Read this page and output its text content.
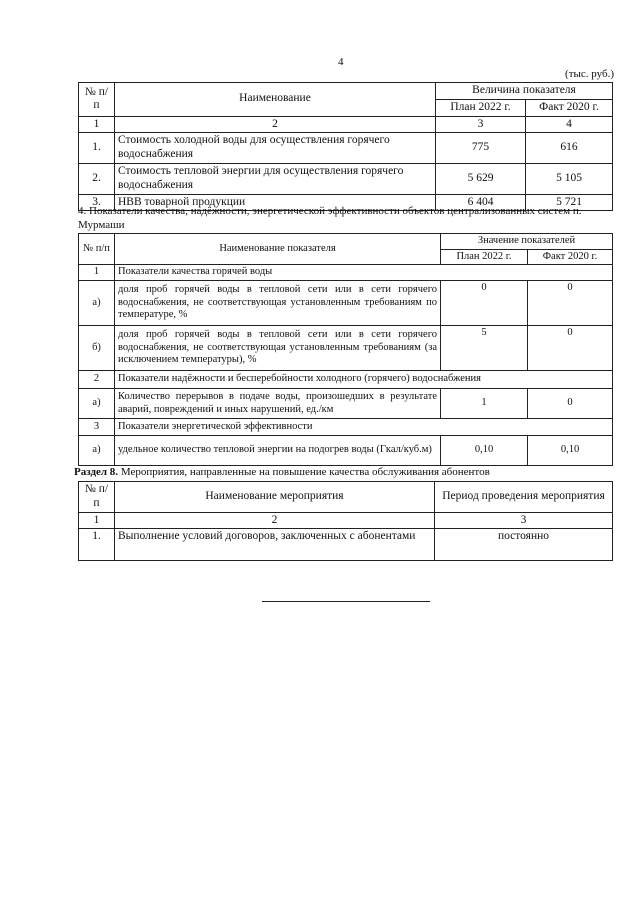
4
(тыс. руб.)
№ п/п	Наименование	Величина показателя	
		План 2022 г.	Факт 2020 г.
1	2	3	4
1.	Стоимость холодной воды для осуществления горячего водоснабжения	775	616
2.	Стоимость тепловой энергии для осуществления горячего водоснабжения	5 629	5 105
3.	НВВ товарной продукции	6 404	5 721
4. Показатели качества, надёжности, энергетической эффективности объектов централизованных систем п. Мурмаши
№ п/п	Наименование показателя	Значение показателей	
		План 2022 г.	Факт 2020 г.
1	Показатели качества горячей воды		
а)	доля проб горячей воды в тепловой сети или в сети горячего водоснабжения, не соответствующая установленным требованиям по температуре, %	0	0
б)	доля проб горячей воды в тепловой сети или в сети горячего водоснабжения, не соответствующая установленным требованиям (за исключением температуры), %	5	0
2	Показатели надёжности и бесперебойности холодного (горячего) водоснабжения		
а)	Количество перерывов в подаче воды, произошедших в результате аварий, повреждений и иных нарушений, ед./км	1	0
3	Показатели энергетической эффективности		
а)	удельное количество тепловой энергии на подогрев воды (Гкал/куб.м)	0,10	0,10
Раздел 8. Мероприятия, направленные на повышение качества обслуживания абонентов
№ п/п	Наименование мероприятия	Период проведения мероприятия
1	2	3
1.	Выполнение условий договоров, заключенных с абонентами	постоянно
